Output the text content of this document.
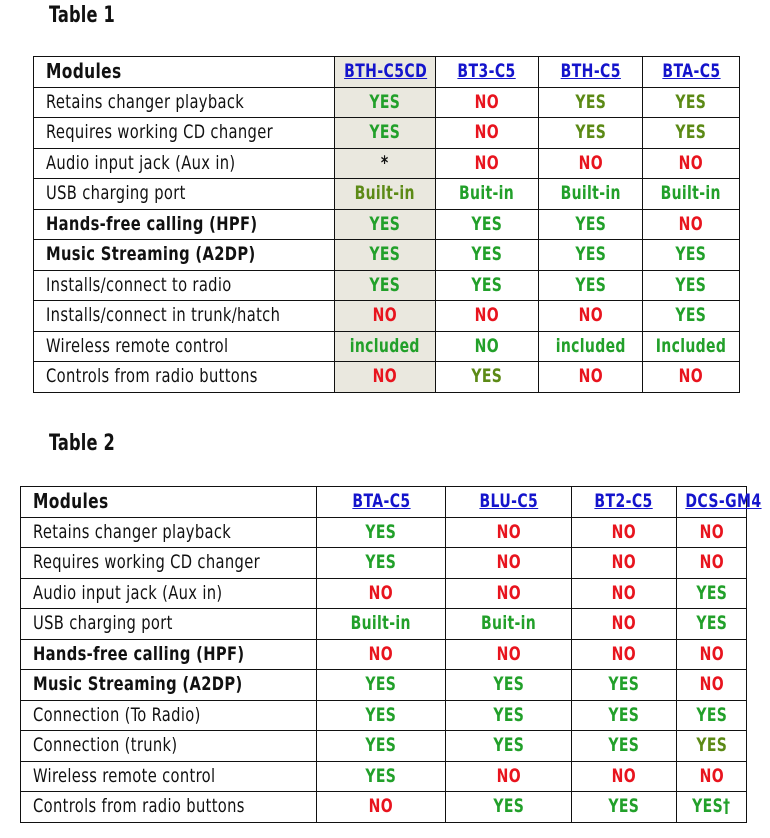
Table 1
Modules	BTH-C5CD	BT3-C5	BTH-C5	BTA-C5
Retains changer playback	YES	NO	YES	YES
Requires working CD changer	YES	NO	YES	YES
Audio input jack (Aux in)	*	NO	NO	NO
USB charging port	Built-in	Buit-in	Built-in	Built-in
Hands-free calling (HPF)	YES	YES	YES	NO
Music Streaming (A2DP)	YES	YES	YES	YES
Installs/connect to radio	YES	YES	YES	YES
Installs/connect in trunk/hatch	NO	NO	NO	YES
Wireless remote control	included	NO	included	Included
Controls from radio buttons	NO	YES	NO	NO
Table 2
Modules	BTA-C5	BLU-C5	BT2-C5	DCS-GM4
Retains changer playback	YES	NO	NO	NO
Requires working CD changer	YES	NO	NO	NO
Audio input jack (Aux in)	NO	NO	NO	YES
USB charging port	Built-in	Buit-in	NO	YES
Hands-free calling (HPF)	NO	NO	NO	NO
Music Streaming (A2DP)	YES	YES	YES	NO
Connection (To Radio)	YES	YES	YES	YES
Connection (trunk)	YES	YES	YES	YES
Wireless remote control	YES	NO	NO	NO
Controls from radio buttons	NO	YES	YES	YES†
